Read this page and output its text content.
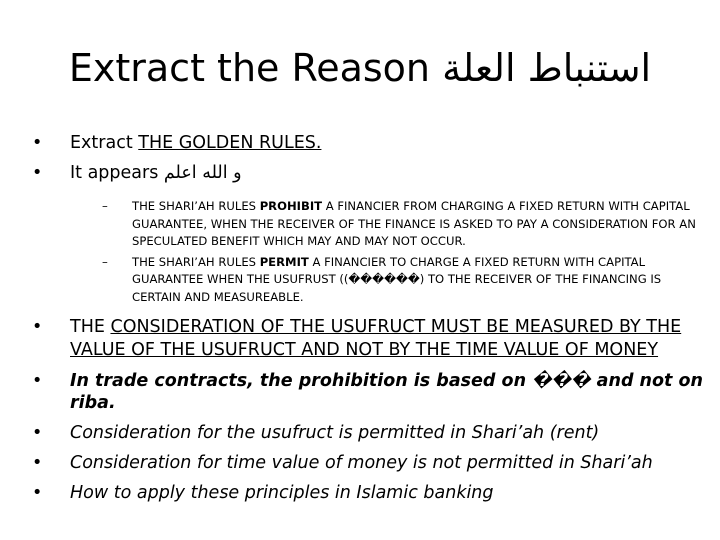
Extract the Reason استنباط العلة
• Extract THE GOLDEN RULES.
• It appears و الله اعلم
– THE SHARI’AH RULES PROHIBIT A FINANCIER FROM CHARGING A FIXED RETURN WITH CAPITAL GUARANTEE, WHEN THE RECEIVER OF THE FINANCE IS ASKED TO PAY A CONSIDERATION FOR AN SPECULATED BENEFIT WHICH MAY AND MAY NOT OCCUR.
– THE SHARI’AH RULES PERMIT A FINANCIER TO CHARGE A FIXED RETURN WITH CAPITAL GUARANTEE WHEN THE USUFRUST ((������) TO THE RECEIVER OF THE FINANCING IS CERTAIN AND MEASUREABLE.
• THE CONSIDERATION OF THE USUFRUCT MUST BE MEASURED BY THE VALUE OF THE USUFRUCT AND NOT BY THE TIME VALUE OF MONEY
• In trade contracts, the prohibition is based on ��� and not on riba.
• Consideration for the usufruct is permitted in Shari’ah (rent)
• Consideration for time value of money is not permitted in Shari’ah
• How to apply these principles in Islamic banking
